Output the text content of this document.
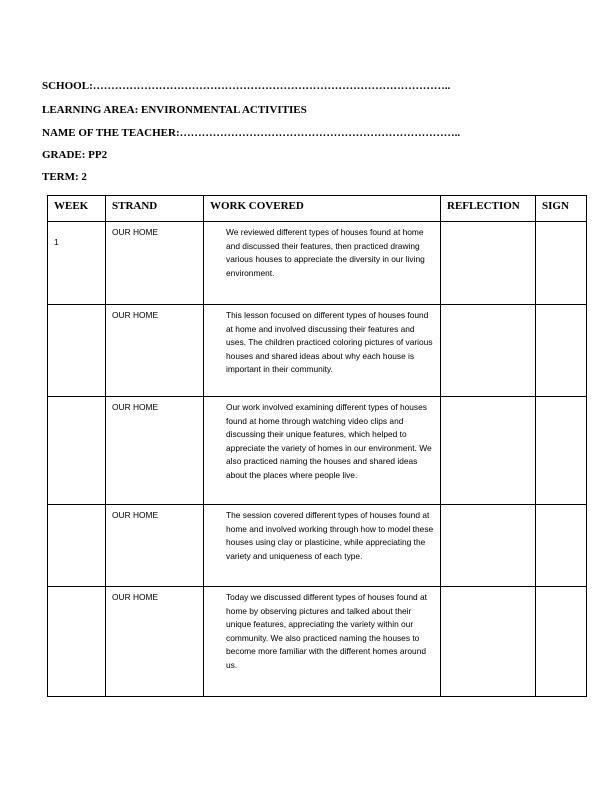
SCHOOL:……………………………………………………………………………………..
LEARNING AREA: ENVIRONMENTAL ACTIVITIES
NAME OF THE TEACHER:…………………………………………………………………..
GRADE: PP2
WEEK	STRAND	WORK COVERED	REFLECTION	SIGN
1	OUR HOME	We reviewed different types of houses found at home and discussed their features, then practiced drawing various houses to appreciate the diversity in our living environment.		
	OUR HOME	This lesson focused on different types of houses found at home and involved discussing their features and uses. The children practiced coloring pictures of various houses and shared ideas about why each house is important in their community.		
	OUR HOME	Our work involved examining different types of houses found at home through watching video clips and discussing their unique features, which helped to appreciate the variety of homes in our environment. We also practiced naming the houses and shared ideas about the places where people live.		
	OUR HOME	The session covered different types of houses found at home and involved working through how to model these houses using clay or plasticine, while appreciating the variety and uniqueness of each type.		
	OUR HOME	Today we discussed different types of houses found at home by observing pictures and talked about their unique features, appreciating the variety within our community. We also practiced naming the houses to become more familiar with the different homes around us.		
TERM: 2
